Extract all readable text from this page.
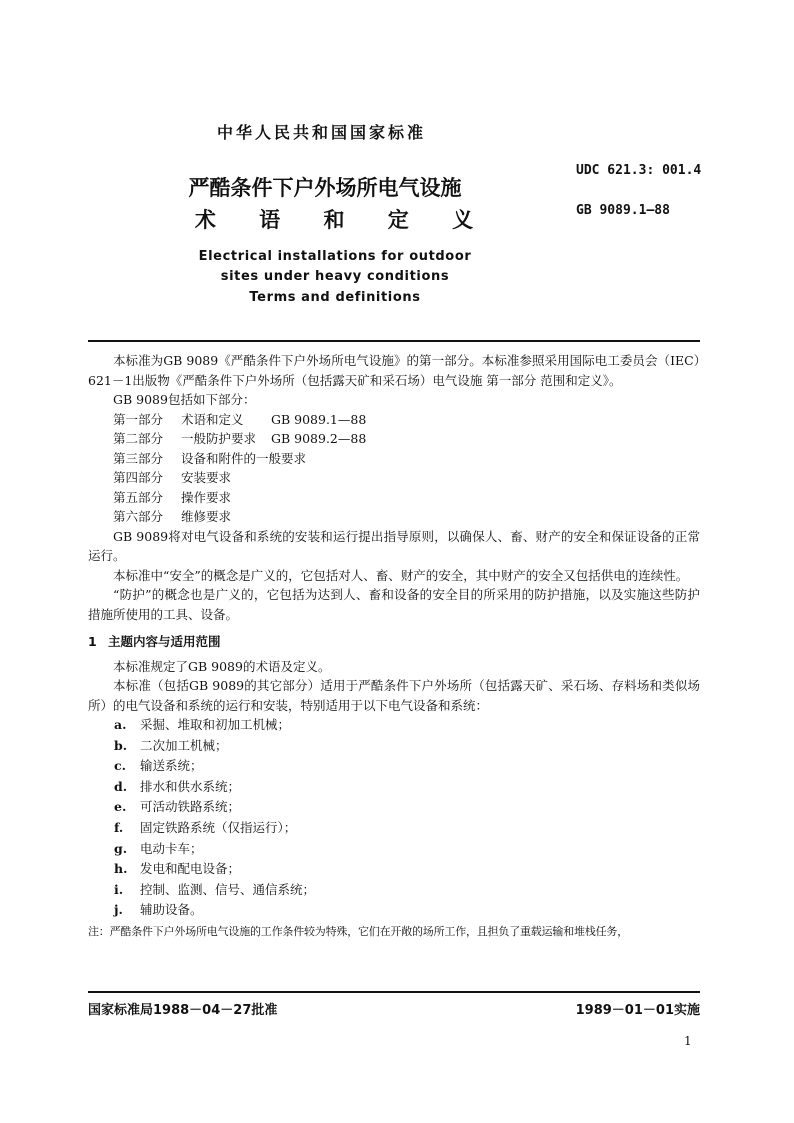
中华人民共和国国家标准
严酷条件下户外场所电气设施
术 语 和 定 义
UDC 621.3: 001.4
GB 9089.1—88
Electrical installations for outdoor
sites under heavy conditions
Terms and definitions

本标准为GB 9089《严酷条件下户外场所电气设施》的第一部分。本标准参照采用国际电工委员会（IEC）621－1出版物《严酷条件下户外场所（包括露天矿和采石场）电气设施 第一部分 范围和定义》。

GB 9089包括如下部分：

第一部分 术语和定义 GB 9089.1—88

第二部分 一般防护要求 GB 9089.2—88

第三部分 设备和附件的一般要求

第四部分 安装要求

第五部分 操作要求

第六部分 维修要求

GB 9089将对电气设备和系统的安装和运行提出指导原则，以确保人、畜、财产的安全和保证设备的正常运行。

本标准中“安全”的概念是广义的，它包括对人、畜、财产的安全，其中财产的安全又包括供电的连续性。

“防护”的概念也是广义的，它包括为达到人、畜和设备的安全目的所采用的防护措施，以及实施这些防护措施所使用的工具、设备。

1 主题内容与适用范围

本标准规定了GB 9089的术语及定义。

本标准（包括GB 9089的其它部分）适用于严酷条件下户外场所（包括露天矿、采石场、存料场和类似场所）的电气设备和系统的运行和安装，特别适用于以下电气设备和系统：

a. 采掘、堆取和初加工机械；

b. 二次加工机械；

c. 输送系统；

d. 排水和供水系统；

e. 可活动铁路系统；

f. 固定铁路系统（仅指运行）；

g. 电动卡车；

h. 发电和配电设备；

i. 控制、监测、信号、通信系统；

j. 辅助设备。

注：严酷条件下户外场所电气设施的工作条件较为特殊，它们在开敞的场所工作，且担负了重载运输和堆栈任务，

国家标准局1988－04－27批准	1989－01－01实施
1
